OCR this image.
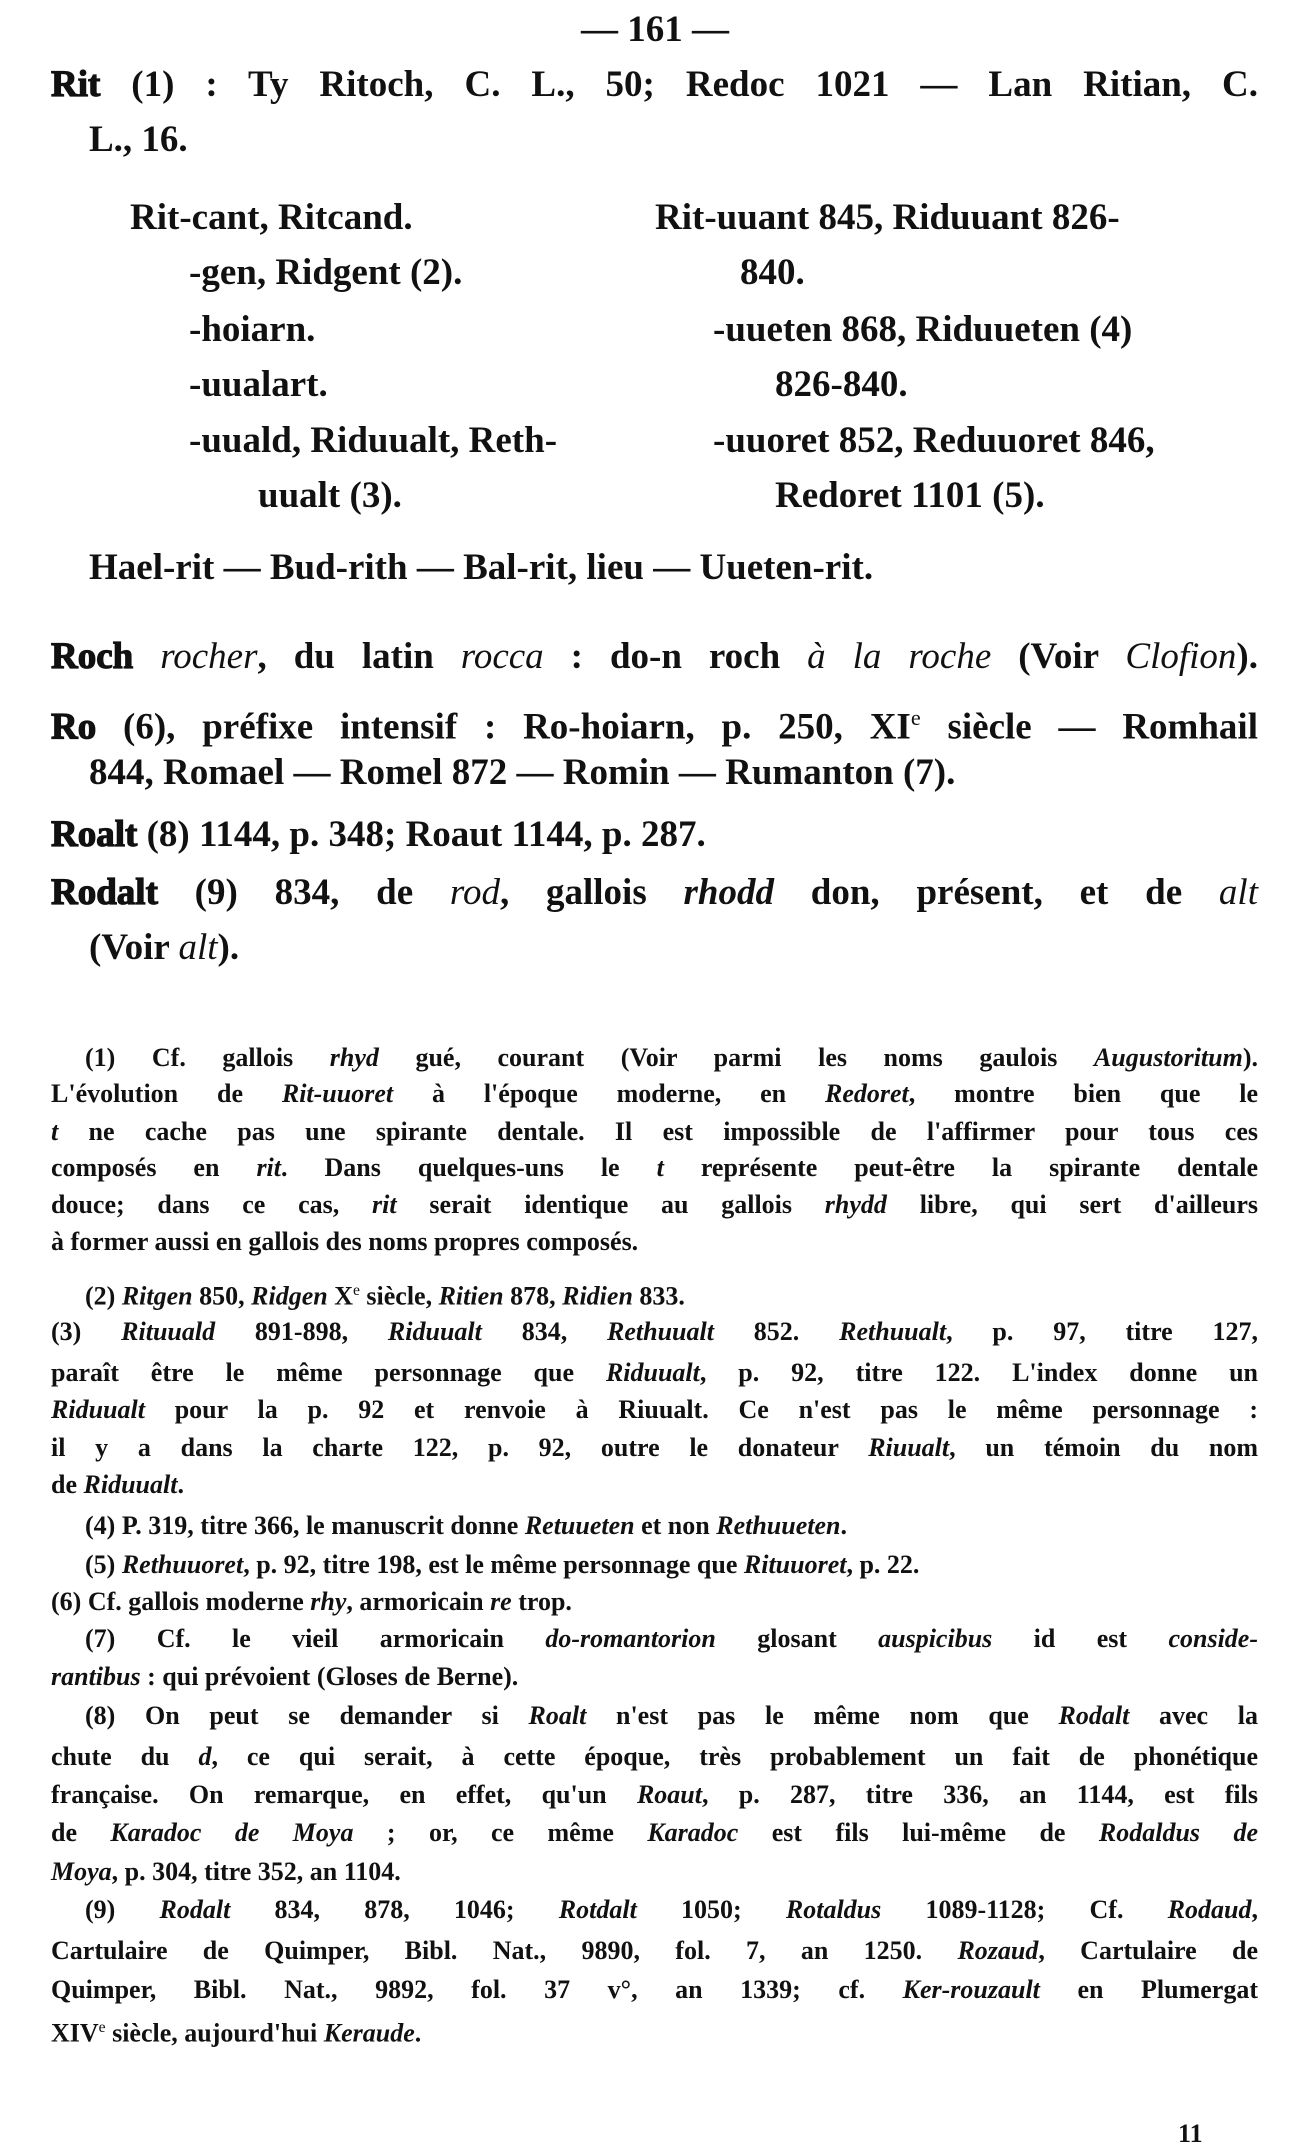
— 161 —
Rit (1) : Ty Ritoch, C. L., 50; Redoc 1021 — Lan Ritian, C.
L., 16.
Rit-cant, Ritcand.
-gen, Ridgent (2).
-hoiarn.
-uualart.
-uuald, Riduualt, Reth-
uualt (3).
Rit-uuant 845, Riduuant 826-
840.
-uueten 868, Riduueten (4)
826-840.
-uuoret 852, Reduuoret 846,
Redoret 1101 (5).
Hael-rit — Bud-rith — Bal-rit, lieu — Uueten-rit.
Roch rocher, du latin rocca : do-n roch à la roche (Voir Clofion).
Ro (6), préfixe intensif : Ro-hoiarn, p. 250, XIe siècle — Romhail
844, Romael — Romel 872 — Romin — Rumanton (7).
Roalt (8) 1144, p. 348; Roaut 1144, p. 287.
Rodalt (9) 834, de rod, gallois rhodd don, présent, et de alt
(Voir alt).
(1) Cf. gallois rhyd gué, courant (Voir parmi les noms gaulois Augustoritum).
L'évolution de Rit-uuoret à l'époque moderne, en Redoret, montre bien que le
t ne cache pas une spirante dentale. Il est impossible de l'affirmer pour tous ces
composés en rit. Dans quelques-uns le t représente peut-être la spirante dentale
douce; dans ce cas, rit serait identique au gallois rhydd libre, qui sert d'ailleurs
à former aussi en gallois des noms propres composés.
(2) Ritgen 850, Ridgen Xe siècle, Ritien 878, Ridien 833.
(3) Rituuald 891-898, Riduualt 834, Rethuualt 852. Rethuualt, p. 97, titre 127,
paraît être le même personnage que Riduualt, p. 92, titre 122. L'index donne un
Riduualt pour la p. 92 et renvoie à Riuualt. Ce n'est pas le même personnage :
il y a dans la charte 122, p. 92, outre le donateur Riuualt, un témoin du nom
de Riduualt.
(4) P. 319, titre 366, le manuscrit donne Retuueten et non Rethuueten.
(5) Rethuuoret, p. 92, titre 198, est le même personnage que Rituuoret, p. 22.
(6) Cf. gallois moderne rhy, armoricain re trop.
(7) Cf. le vieil armoricain do-romantorion glosant auspicibus id est conside-
rantibus : qui prévoient (Gloses de Berne).
(8) On peut se demander si Roalt n'est pas le même nom que Rodalt avec la
chute du d, ce qui serait, à cette époque, très probablement un fait de phonétique
française. On remarque, en effet, qu'un Roaut, p. 287, titre 336, an 1144, est fils
de Karadoc de Moya ; or, ce même Karadoc est fils lui-même de Rodaldus de
Moya, p. 304, titre 352, an 1104.
(9) Rodalt 834, 878, 1046; Rotdalt 1050; Rotaldus 1089-1128; Cf. Rodaud,
Cartulaire de Quimper, Bibl. Nat., 9890, fol. 7, an 1250. Rozaud, Cartulaire de
Quimper, Bibl. Nat., 9892, fol. 37 v°, an 1339; cf. Ker-rouzault en Plumergat
XIVe siècle, aujourd'hui Keraude.
11
